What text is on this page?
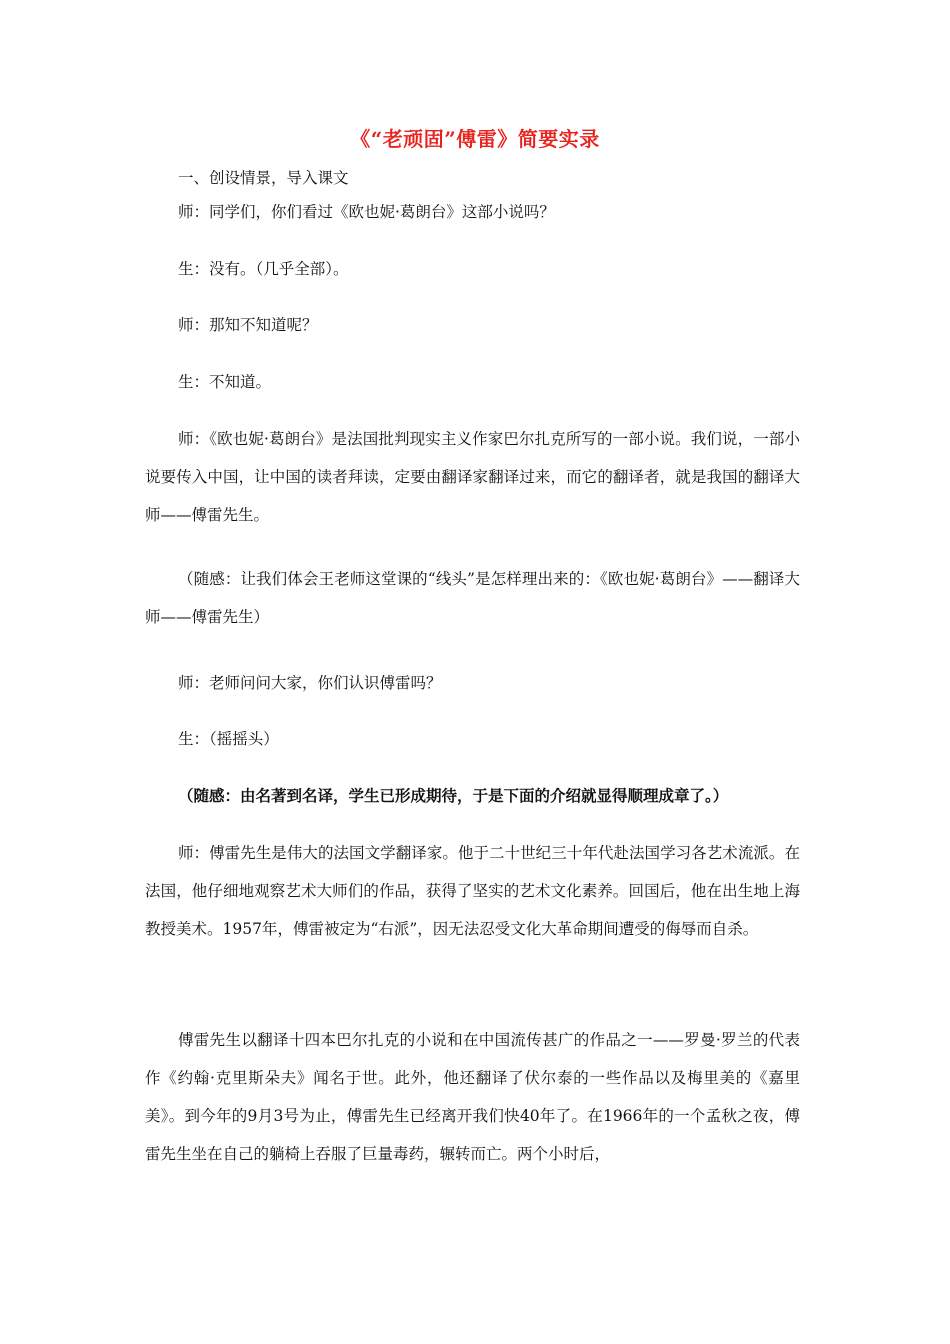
《“老顽固”傅雷》简要实录

一、创设情景，导入课文

师：同学们，你们看过《欧也妮·葛朗台》这部小说吗？

生：没有。（几乎全部）。

师：那知不知道呢？

生：不知道。

师：《欧也妮·葛朗台》是法国批判现实主义作家巴尔扎克所写的一部小说。我们说，一部小说要传入中国，让中国的读者拜读，定要由翻译家翻译过来，而它的翻译者，就是我国的翻译大师——傅雷先生。

（随感：让我们体会王老师这堂课的“线头”是怎样理出来的：《欧也妮·葛朗台》——翻译大师——傅雷先生）

师：老师问问大家，你们认识傅雷吗？

生：（摇摇头）

（随感：由名著到名译，学生已形成期待，于是下面的介绍就显得顺理成章了。）

师：傅雷先生是伟大的法国文学翻译家。他于二十世纪三十年代赴法国学习各艺术流派。在法国，他仔细地观察艺术大师们的作品，获得了坚实的艺术文化素养。回国后，他在出生地上海教授美术。1957年，傅雷被定为“右派”，因无法忍受文化大革命期间遭受的侮辱而自杀。

傅雷先生以翻译十四本巴尔扎克的小说和在中国流传甚广的作品之一——罗曼·罗兰的代表作《约翰·克里斯朵夫》闻名于世。此外，他还翻译了伏尔泰的一些作品以及梅里美的《嘉里美》。到今年的9月3号为止，傅雷先生已经离开我们快40年了。在1966年的一个孟秋之夜，傅雷先生坐在自己的躺椅上吞服了巨量毒药，辗转而亡。两个小时后，
